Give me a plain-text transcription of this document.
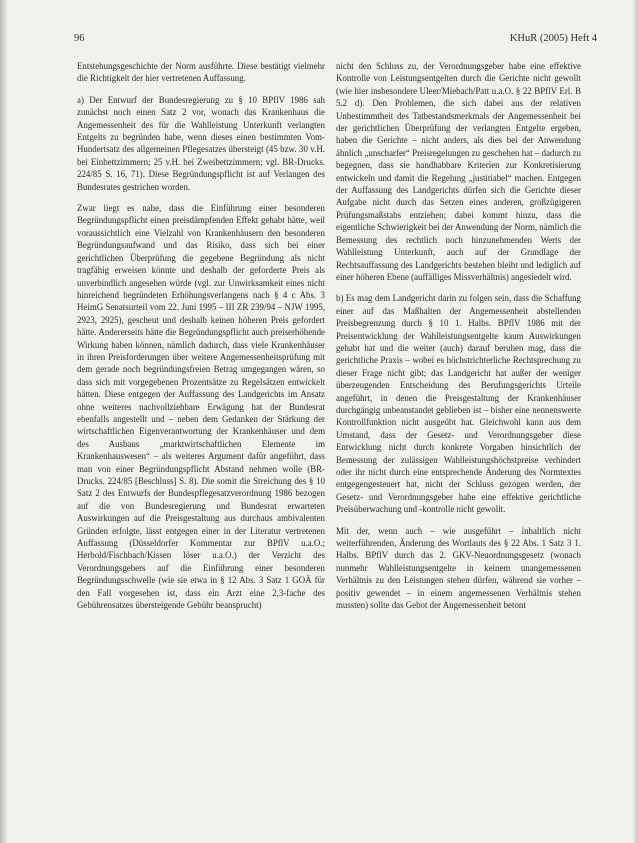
96	KHuR (2005) Heft 4

Entstehungsgeschichte der Norm ausführte. Diese bestätigt vielmehr die Richtigkeit der hier vertretenen Auffassung.

a) Der Entwurf der Bundesregierung zu § 10 BPflV 1986 sah zunächst noch einen Satz 2 vor, wonach das Krankenhaus die Angemessenheit des für die Wahlleistung Unterkunft verlangten Entgelts zu begründen habe, wenn dieses einen bestimmten Vom-Hundertsatz des allgemeinen Pflegesatzes übersteigt (45 bzw. 30 v.H. bei Einbettzimmern; 25 v.H. bei Zweibettzimmern; vgl. BR-Drucks. 224/85 S. 16, 71). Diese Begründungspflicht ist auf Verlangen des Bundesrates gestrichen worden.

Zwar liegt es nahe, dass die Einführung einer besonderen Begründungspflicht einen preisdämpfenden Effekt gehabt hätte, weil voraussichtlich eine Vielzahl von Krankenhäusern den besonderen Begründungsaufwand und das Risiko, dass sich bei einer gerichtlichen Überprüfung die gegebene Begründung als nicht tragfähig erweisen könnte und deshalb der geforderte Preis als unverbindlich angesehen würde (vgl. zur Unwirksamkeit eines nicht hinreichend begründeten Erhöhungsverlangens nach § 4 c Abs. 3 HeimG Senatsurteil vom 22. Juni 1995 – III ZR 239/94 – NJW 1995, 2923, 2925), gescheut und deshalb keinen höheren Preis gefordert hätte. Andererseits hätte die Begründungspflicht auch preiserhöhende Wirkung haben können, nämlich dadurch, dass viele Krankenhäuser in ihren Preisforderungen über weitere Angemessenheitsprüfung mit dem gerade noch begründungsfreien Betrag umgegangen wären, so dass sich mit vorgegebenen Prozentsätze zu Regelsätzen entwickelt hätten. Diese entgegen der Auffassung des Landgerichts im Ansatz ohne weiteres nachvollziehbare Erwägung hat der Bundesrat ebenfalls angestellt und – neben dem Gedanken der Stärkung der wirtschaftlichen Eigenverantwortung der Krankenhäuser und dem des Ausbaus „marktwirtschaftlichen Elemente im Krankenhauswesen“ – als weiteres Argument dafür angeführt, dass man von einer Begründungspflicht Abstand nehmen wolle (BR-Drucks. 224/85 [Beschluss] S. 8). Die somit die Streichung des § 10 Satz 2 des Entwurfs der Bundespflegesatzverordnung 1986 bezogen auf die von Bundesregierung und Bundesrat erwarteten Auswirkungen auf die Preisgestaltung aus durchaus ambivalenten Gründen erfolgte, lässt entgegen einer in der Literatur vertretenen Auffassung (Düsseldorfer Kommentar zur BPflV u.a.O.; Herbold/Fischbach/Kissen löser u.a.O.) der Verzicht des Verordnungsgebers auf die Einführung einer besonderen Begründungsschwelle (wie sie etwa in § 12 Abs. 3 Satz 1 GOÄ für den Fall vorgesehen ist, dass ein Arzt eine 2,3-fache des Gebührensatzes übersteigende Gebühr beansprucht)

nicht den Schluss zu, der Verordnungsgeber habe eine effektive Kontrolle von Leistungsentgelten durch die Gerichte nicht gewollt (wie hier insbesondere Uleer/Miebach/Patt u.a.O. § 22 BPflV Erl. B 5.2 d). Den Problemen, die sich dabei aus der relativen Unbestimmtheit des Tatbestandsmerkmals der Angemessenheit bei der gerichtlichen Überprüfung der verlangten Entgelte ergeben, haben die Gerichte – nicht anders, als dies bei der Anwendung ähnlich „unscharfer“ Preisregelungen zu geschehen hat – dadurch zu begegnen, dass sie handhabbare Kriterien zur Konkretisierung entwickeln und damit die Regelung „justitiabel“ machen. Entgegen der Auffassung des Landgerichts dürfen sich die Gerichte dieser Aufgabe nicht durch das Setzen eines anderen, großzügigeren Prüfungsmaßstabs entziehen; dabei kommt hinzu, dass die eigentliche Schwierigkeit bei der Anwendung der Norm, nämlich die Bemessung des rechtlich noch hinzunehmenden Werts der Wahlleistung Unterkunft, auch auf der Grundlage der Rechtsauffassung des Landgerichts bestehen bleibt und lediglich auf einer höheren Ebene (auffälliges Missverhältnis) angesiedelt wird.

b) Es mag dem Landgericht darin zu folgen sein, dass die Schaffung einer auf das Maßhalten der Angemessenheit abstellenden Preisbegrenzung durch § 10 1. Halbs. BPflV 1986 mit der Preisentwicklung der Wahlleistungsentgelte kaum Auswirkungen gehabt hat und die weiter (auch) darauf beruhen mag, dass die gerichtliche Praxis – wobei es höchstrichterliche Rechtsprechung zu dieser Frage nicht gibt; das Landgericht hat außer der weniger überzeugenden Entscheidung des Berufungsgerichts Urteile angeführt, in denen die Preisgestaltung der Krankenhäuser durchgängig unbeanstandet geblieben ist – bisher eine nennenswerte Kontrollfunktion nicht ausgeübt hat. Gleichwohl kann aus dem Umstand, dass der Gesetz- und Verordnungsgeber diese Entwicklung nicht durch konkrete Vorgaben hinsichtlich der Bemessung der zulässigen Wahlleistungshöchstpreise verhindert oder ihr nicht durch eine entsprechende Änderung des Normtextes entgegengesteuert hat, nicht der Schluss gezogen werden, der Gesetz- und Verordnungsgeber habe eine effektive gerichtliche Preisüberwachung und -kontrolle nicht gewollt.

Mit der, wenn auch – wie ausgeführt – inhaltlich nicht weiterführenden, Änderung des Wortlauts des § 22 Abs. 1 Satz 3 1. Halbs. BPflV durch das 2. GKV-Neuordnungsgesetz (wonach nunmehr Wahlleistungsentgelte in keinem unangemessenen Verhältnis zu den Leistungen stehen dürfen, während sie vorher – positiv gewendet – in einem angemessenen Verhältnis stehen mussten) sollte das Gebot der Angemessenheit betont
